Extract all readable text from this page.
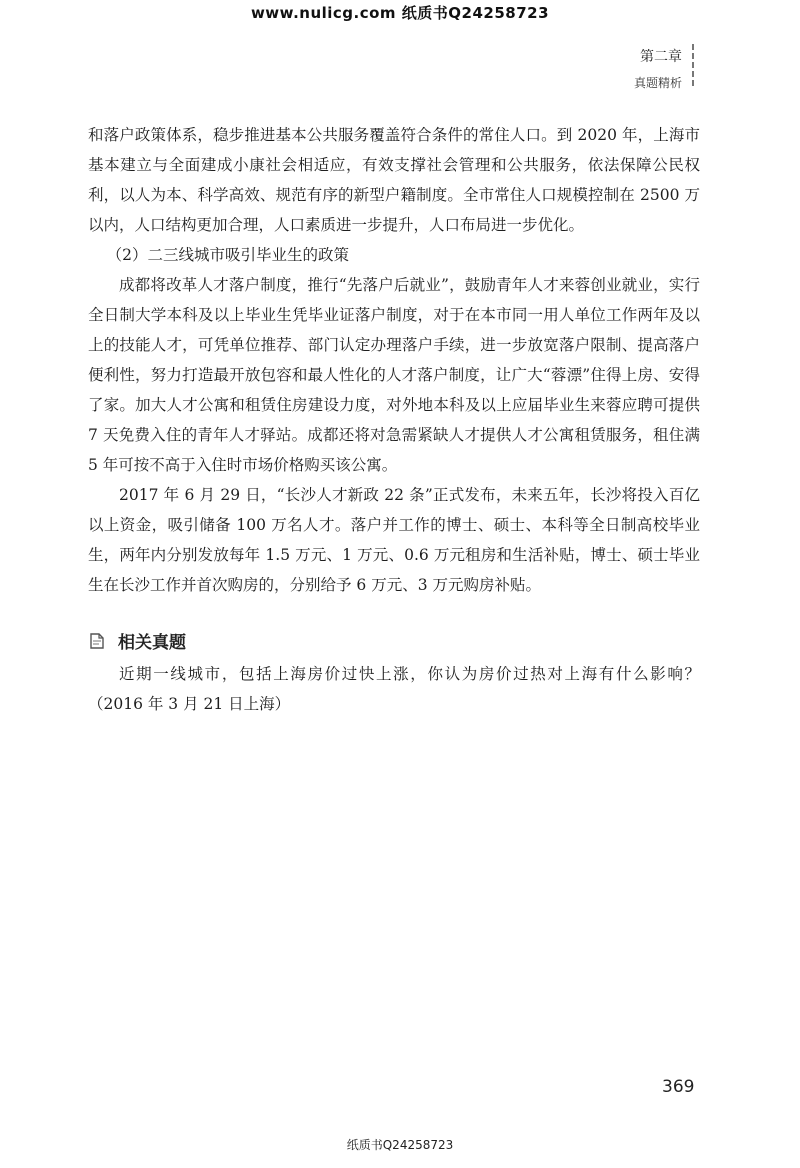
www.nulicg.com 纸质书Q24258723
第二章
真题精析

和落户政策体系，稳步推进基本公共服务覆盖符合条件的常住人口。到 2020 年，上海市基本建立与全面建成小康社会相适应，有效支撑社会管理和公共服务，依法保障公民权利，以人为本、科学高效、规范有序的新型户籍制度。全市常住人口规模控制在 2500 万以内，人口结构更加合理，人口素质进一步提升，人口布局进一步优化。

（2）二三线城市吸引毕业生的政策

成都将改革人才落户制度，推行“先落户后就业”，鼓励青年人才来蓉创业就业，实行全日制大学本科及以上毕业生凭毕业证落户制度，对于在本市同一用人单位工作两年及以上的技能人才，可凭单位推荐、部门认定办理落户手续，进一步放宽落户限制、提高落户便利性，努力打造最开放包容和最人性化的人才落户制度，让广大“蓉漂”住得上房、安得了家。加大人才公寓和租赁住房建设力度，对外地本科及以上应届毕业生来蓉应聘可提供 7 天免费入住的青年人才驿站。成都还将对急需紧缺人才提供人才公寓租赁服务，租住满 5 年可按不高于入住时市场价格购买该公寓。

2017 年 6 月 29 日，“长沙人才新政 22 条”正式发布，未来五年，长沙将投入百亿以上资金，吸引储备 100 万名人才。落户并工作的博士、硕士、本科等全日制高校毕业生，两年内分别发放每年 1.5 万元、1 万元、0.6 万元租房和生活补贴，博士、硕士毕业生在长沙工作并首次购房的，分别给予 6 万元、3 万元购房补贴。

相关真题

近期一线城市，包括上海房价过快上涨，你认为房价过热对上海有什么影响？（2016 年 3 月 21 日上海）

369
纸质书Q24258723
